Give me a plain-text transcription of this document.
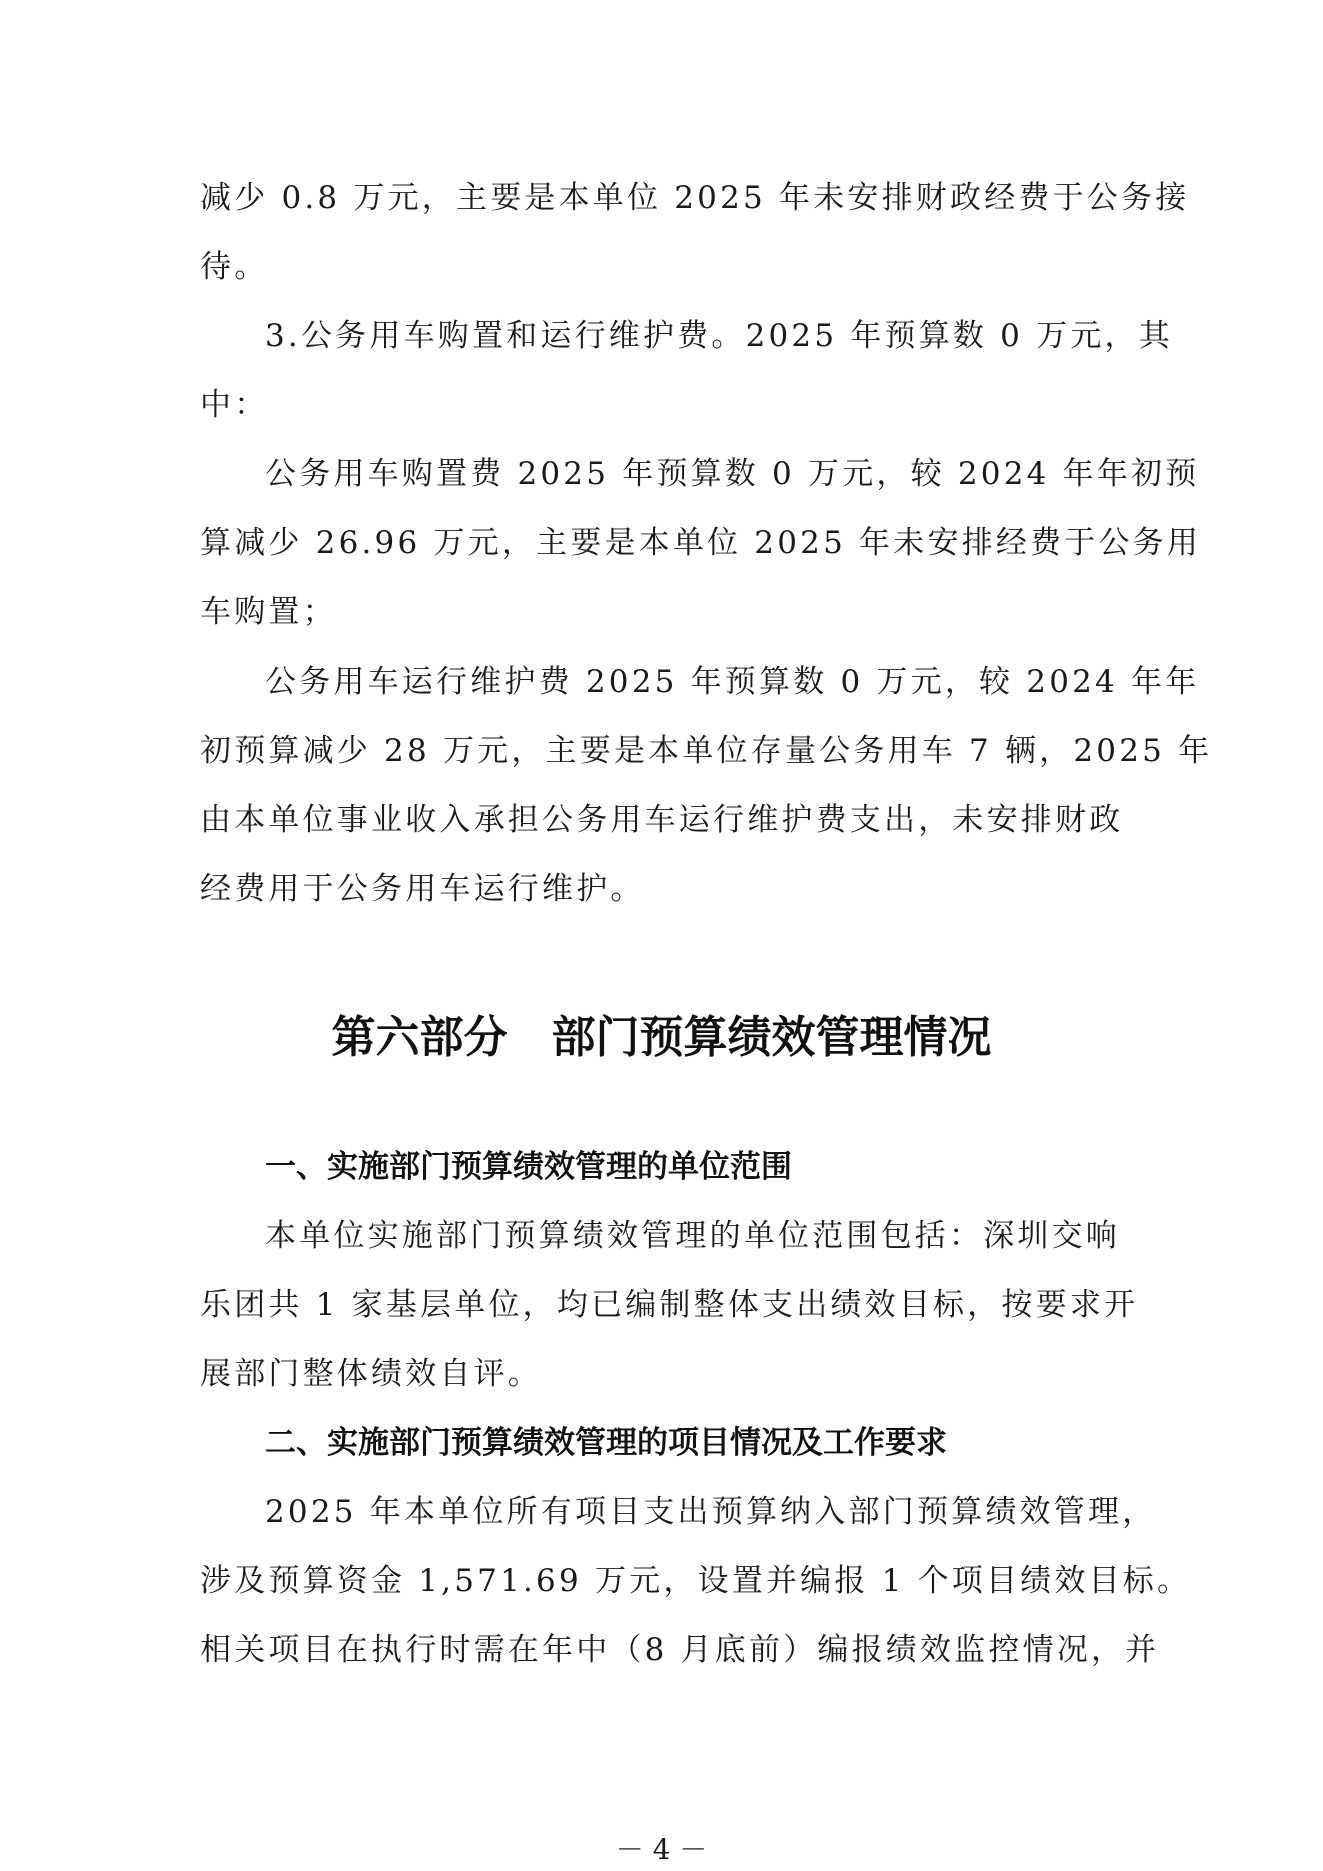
减少 0.8 万元，主要是本单位 2025 年未安排财政经费于公务接
待。
3.公务用车购置和运行维护费。2025 年预算数 0 万元，其
中：
公务用车购置费 2025 年预算数 0 万元，较 2024 年年初预
算减少 26.96 万元，主要是本单位 2025 年未安排经费于公务用
车购置；
公务用车运行维护费 2025 年预算数 0 万元，较 2024 年年
初预算减少 28 万元，主要是本单位存量公务用车 7 辆，2025 年
由本单位事业收入承担公务用车运行维护费支出，未安排财政
经费用于公务用车运行维护。
第六部分　部门预算绩效管理情况
一、实施部门预算绩效管理的单位范围
本单位实施部门预算绩效管理的单位范围包括：深圳交响
乐团共 1 家基层单位，均已编制整体支出绩效目标，按要求开
展部门整体绩效自评。
二、实施部门预算绩效管理的项目情况及工作要求
2025 年本单位所有项目支出预算纳入部门预算绩效管理，
涉及预算资金 1,571.69 万元，设置并编报 1 个项目绩效目标。
相关项目在执行时需在年中（8 月底前）编报绩效监控情况，并
－ 4 －
